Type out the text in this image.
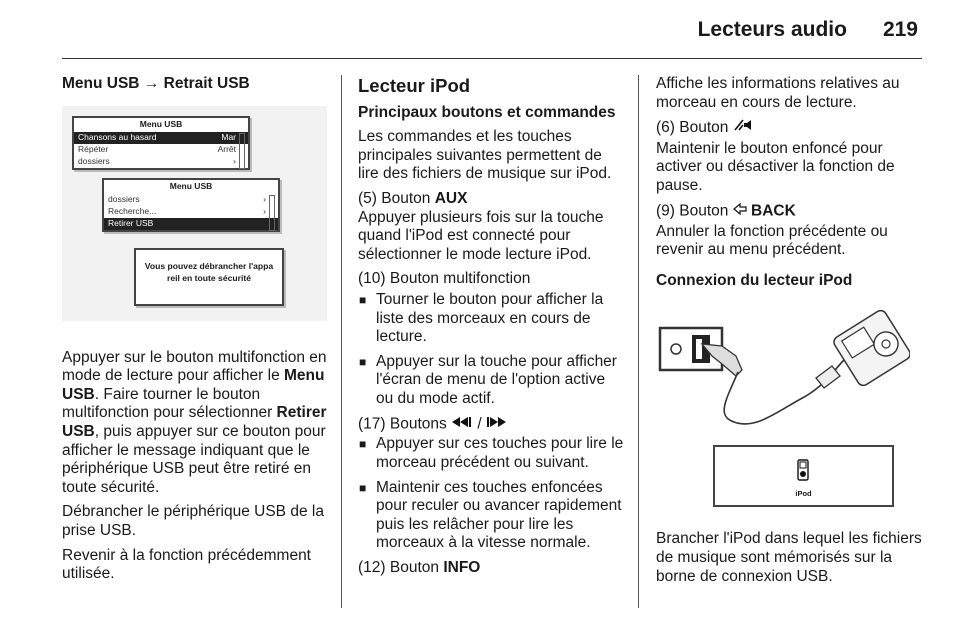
Lecteurs audio 219

Menu USB → Retrait USB

Menu USB
Chansons au hasard	Mar
Répéter	Arrêt
dossiers	›
Menu USB
dossiers	›
Recherche...	›
Retirer USB
Vous pouvez débrancher l'appa
reil en toute sécurité

Appuyer sur le bouton multifonction en mode de lecture pour afficher le Menu USB. Faire tourner le bouton multifonction pour sélectionner Retirer USB, puis appuyer sur ce bouton pour afficher le message indiquant que le périphérique USB peut être retiré en toute sécurité.

Débrancher le périphérique USB de la prise USB.

Revenir à la fonction précédemment utilisée.

Lecteur iPod

Principaux boutons et commandes

Les commandes et les touches principales suivantes permettent de lire des fichiers de musique sur iPod.

(5) Bouton AUX

Appuyer plusieurs fois sur la touche quand l'iPod est connecté pour sélectionner le mode lecture iPod.

(10) Bouton multifonction

■ Tourner le bouton pour afficher la liste des morceaux en cours de lecture.
■ Appuyer sur la touche pour afficher l'écran de menu de l'option active ou du mode actif.

(17) Boutons  /

■ Appuyer sur ces touches pour lire le morceau précédent ou suivant.
■ Maintenir ces touches enfoncées pour reculer ou avancer rapidement puis les relâcher pour lire les morceaux à la vitesse normale.

(12) Bouton INFO

Affiche les informations relatives au morceau en cours de lecture.

(6) Bouton

Maintenir le bouton enfoncé pour activer ou désactiver la fonction de pause.

(9) Bouton  BACK

Annuler la fonction précédente ou revenir au menu précédent.

Connexion du lecteur iPod

iPod

Brancher l'iPod dans lequel les fichiers de musique sont mémorisés sur la borne de connexion USB.
